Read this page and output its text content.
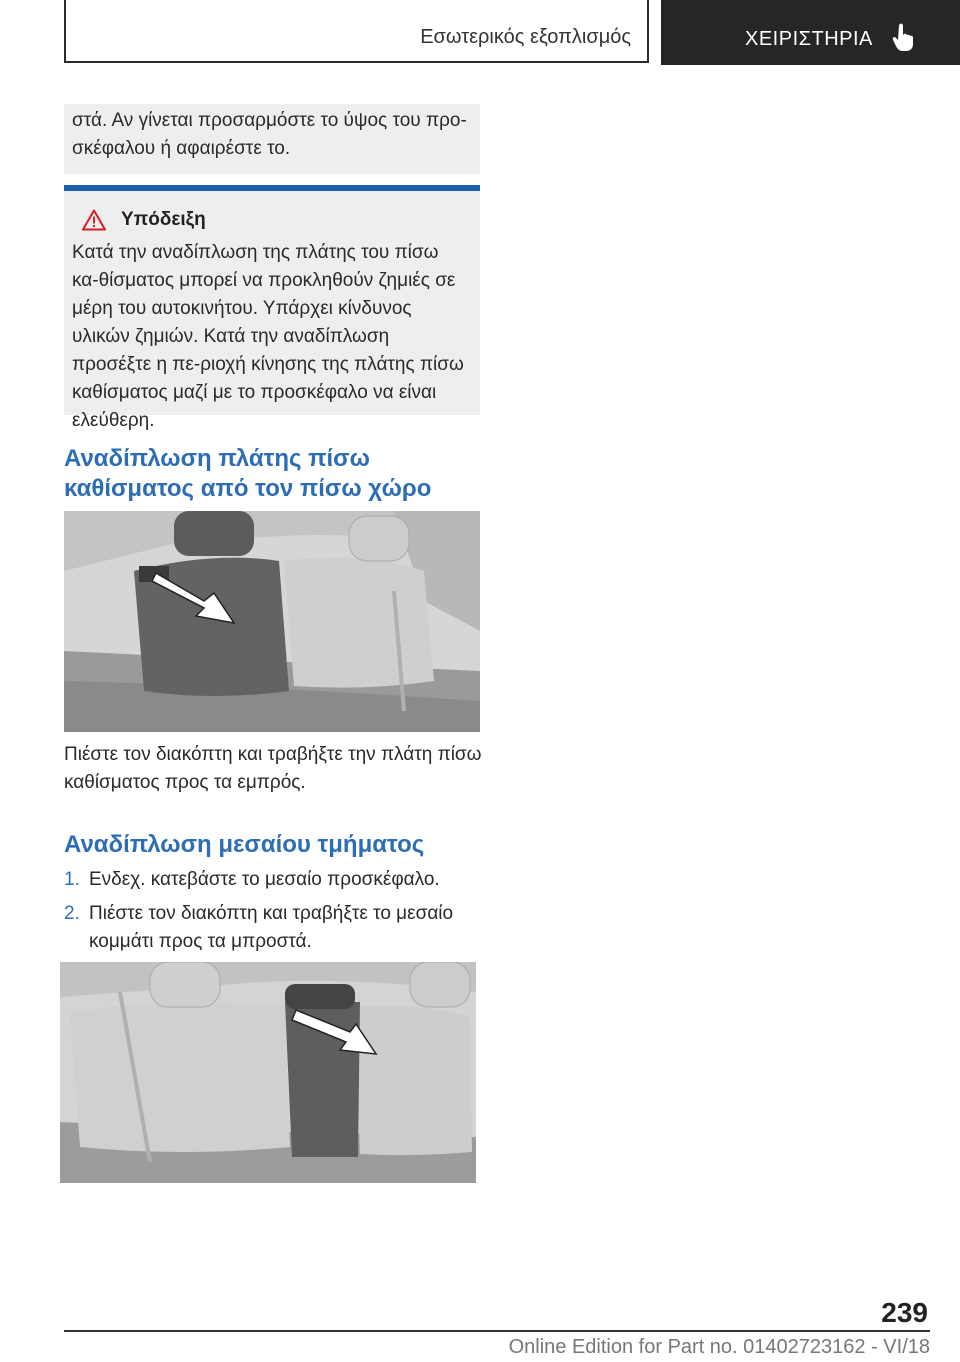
Εσωτερικός εξοπλισμός	ΧΕΙΡΙΣΤΗΡΙΑ

στά. Αν γίνεται προσαρμόστε το ύψος του προ-σκέφαλου ή αφαιρέστε το.

Υπόδειξη

Κατά την αναδίπλωση της πλάτης του πίσω κα-θίσματος μπορεί να προκληθούν ζημιές σε μέρη του αυτοκινήτου. Υπάρχει κίνδυνος υλικών ζημιών. Κατά την αναδίπλωση προσέξτε η πε-ριοχή κίνησης της πλάτης πίσω καθίσματος μαζί με το προσκέφαλο να είναι ελεύθερη.

Αναδίπλωση πλάτης πίσω καθίσματος από τον πίσω χώρο

Πιέστε τον διακόπτη και τραβήξτε την πλάτη πίσω καθίσματος προς τα εμπρός.

Αναδίπλωση μεσαίου τμήματος
1. Ενδεχ. κατεβάστε το μεσαίο προσκέφαλο.
2. Πιέστε τον διακόπτη και τραβήξτε το μεσαίο κομμάτι προς τα μπροστά.
239
Online Edition for Part no. 01402723162 - VI/18
